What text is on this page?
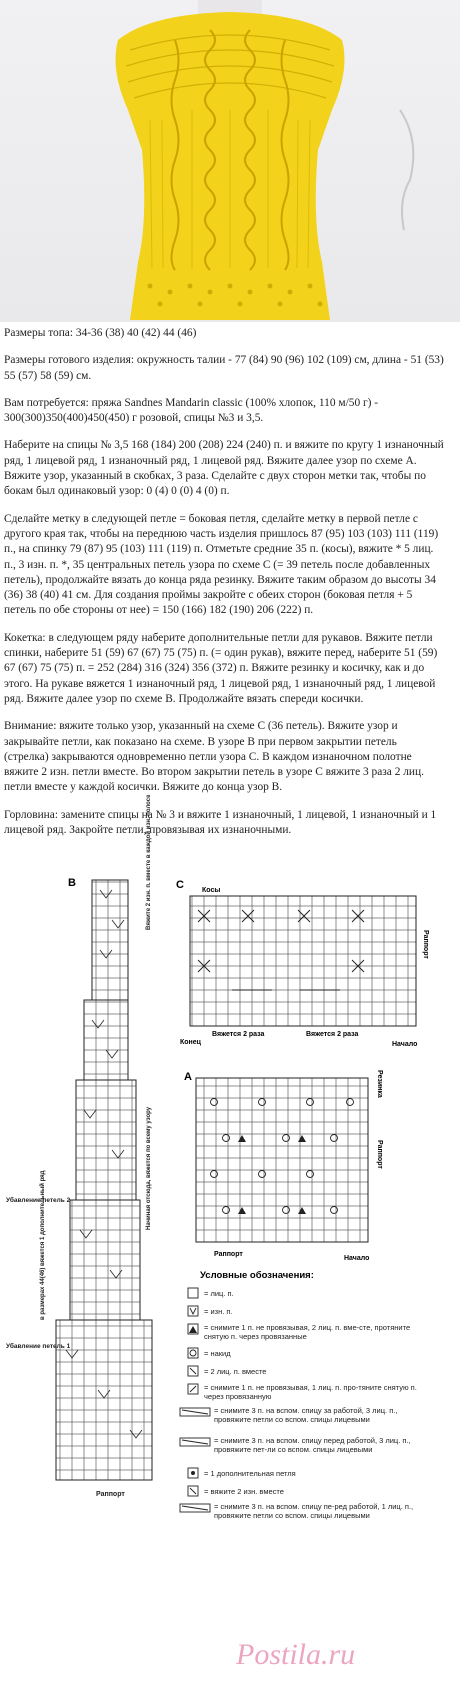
Размеры топа: 34-36 (38) 40 (42) 44 (46)

Размеры готового изделия: окружность талии - 77 (84) 90 (96) 102 (109) см, длина - 51 (53) 55 (57) 58 (59) см.

Вам потребуется: пряжа Sandnes Mandarin classic (100% хлопок, 110 м/50 г) - 300(300)350(400)450(450) г розовой, спицы №3 и 3,5.

Наберите на спицы № 3,5 168 (184) 200 (208) 224 (240) п. и вяжите по кругу 1 изнаночный ряд, 1 лицевой ряд, 1 изнаночный ряд, 1 лицевой ряд. Вяжите далее узор по схеме А. Вяжите узор, указанный в скобках, 3 раза. Сделайте с двух сторон метки так, чтобы по бокам был одинаковый узор: 0 (4) 0 (0) 4 (0) п.

Сделайте метку в следующей петле = боковая петля, сделайте метку в первой петле с другого края так, чтобы на переднюю часть изделия пришлось 87 (95) 103 (103) 111 (119) п., на спинку 79 (87) 95 (103) 111 (119) п. Отметьте средние 35 п. (косы), вяжите * 5 лиц. п., 3 изн. п. *, 35 центральных петель узора по схеме С (= 39 петель после добавленных петель), продолжайте вязать до конца ряда резинку. Вяжите таким образом до высоты 34 (36) 38 (40) 41 см. Для создания проймы закройте с обеих сторон (боковая петля + 5 петель по обе стороны от нее) = 150 (166) 182 (190) 206 (222) п.

Кокетка: в следующем ряду наберите дополнительные петли для рукавов. Вяжите петли спинки, наберите 51 (59) 67 (67) 75 (75) п. (= один рукав), вяжите перед, наберите 51 (59) 67 (67) 75 (75) п. = 252 (284) 316 (324) 356 (372) п. Вяжите резинку и косичку, как и до этого. На рукаве вяжется 1 изнаночный ряд, 1 лицевой ряд, 1 изнаночный ряд, 1 лицевой ряд. Вяжите далее узор по схеме В. Продолжайте вязать спереди косички.

Внимание: вяжите только узор, указанный на схеме С (36 петель). Вяжите узор и закрывайте петли, как показано на схеме. В узоре В при первом закрытии петель (стрелка) закрываются одновременно петли узора С. В каждом изнаночном полотне вяжите 2 изн. петли вместе. Во втором закрытии петель в узоре С вяжите 3 раза 2 лиц. петли вместе у каждой косички. Вяжите до конца узор В.

Горловина: замените спицы на № 3 и вяжите 1 изнаночный, 1 лицевой, 1 изнаночный и 1 лицевой ряд. Закройте петли, провязывая их изнаночными.

B	Вяжите 2 изн. п. вместе в каждой изн. полосе
Начиная отсюда, вяжется по всему узору
Убавление петель 2
в размерах 44(46) вяжется 1 дополнительный ряд
Убавление петель 1
Раппорт
C	Косы
Раппорт
Конец
Вяжется 2 раза	Вяжется 2 раза
Начало
A	Резинка
Раппорт
Раппорт
Начало
Условные обозначения:
= лиц. п.
= изн. п.
= снимите 1 п. не провязывая, 2 лиц. п. вме-сте, протяните снятую п. через провязанные
= накид
= 2 лиц. п. вместе
= снимите 1 п. не провязывая, 1 лиц. п. про-тяните снятую п. через провязанную
= снимите 3 п. на вспом. спицу за работой, 3 лиц. п., провяжите петли со вспом. спицы лицевыми
= снимите 3 п. на вспом. спицу перед работой, 3 лиц. п., провяжите пет-ли со вспом. спицы лицевыми
= 1 дополнительная петля
= вяжите 2 изн. вместе
= снимите 3 п. на вспом. спицу пе-ред работой, 1 лиц. п., провяжите петли со вспом. спицы лицевыми
Postila.ru
